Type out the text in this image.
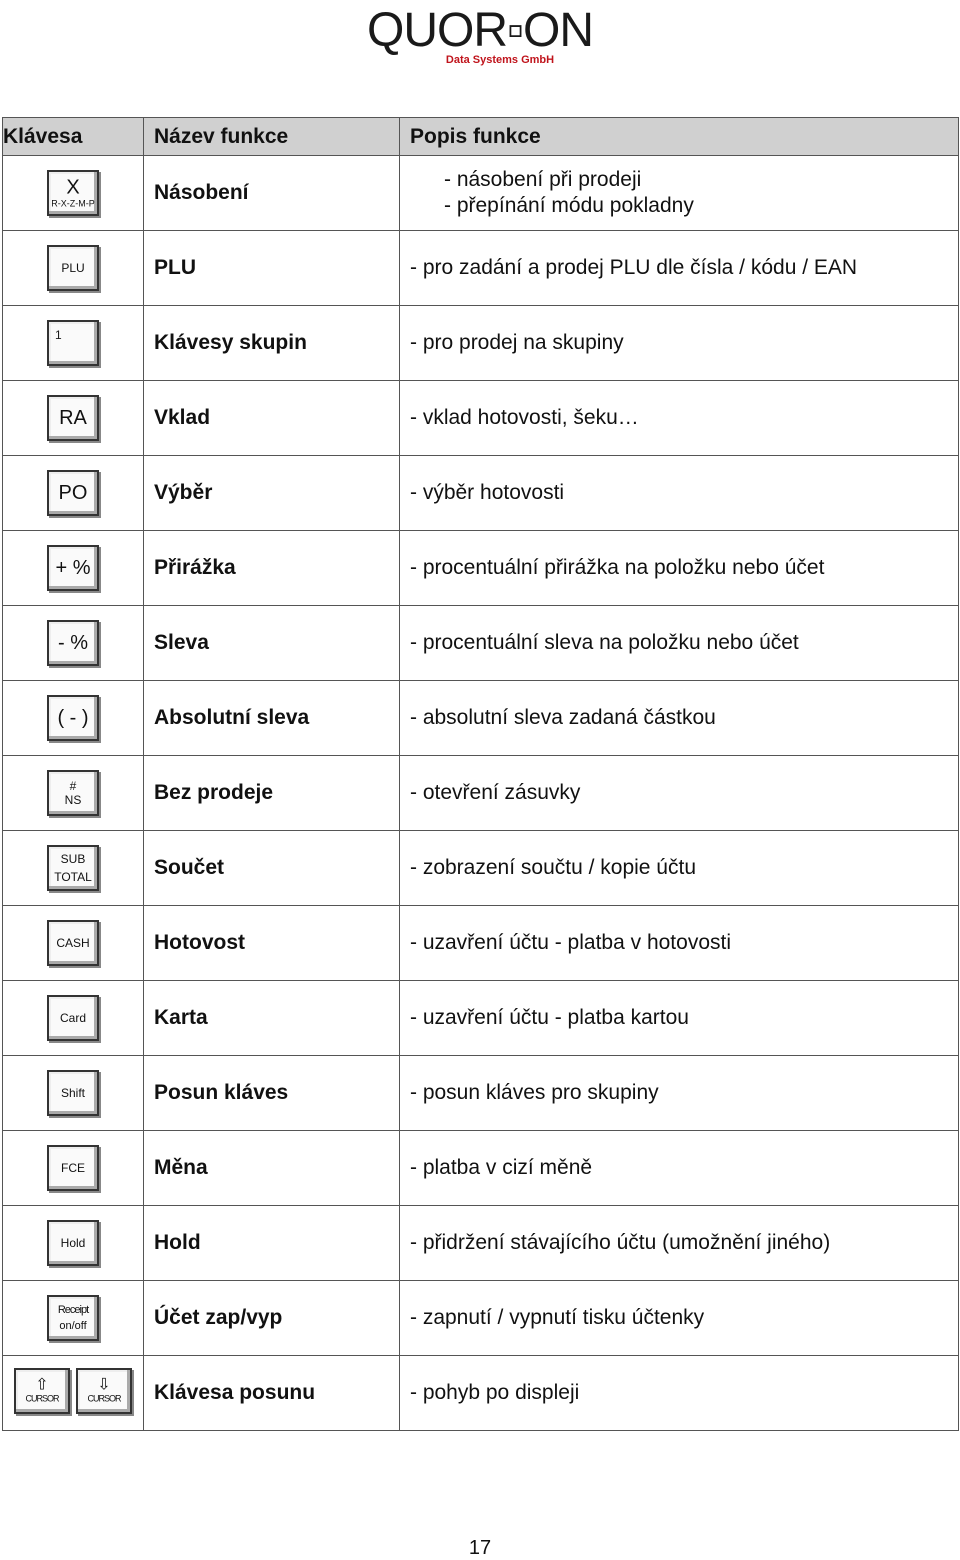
QUOR▫ON
Data Systems GmbH
Klávesa	Název funkce	Popis funkce

X
R-X-Z-M-P	Násobení	- násobení při prodeji
- přepínání módu pokladny

PLU	PLU	- pro zadání a prodej PLU dle čísla / kódu / EAN

1	Klávesy skupin	- pro prodej na skupiny

RA	Vklad	- vklad hotovosti, šeku…

PO	Výběr	- výběr hotovosti

+ %	Přirážka	- procentuální přirážka na položku nebo účet

- %	Sleva	- procentuální sleva na položku nebo účet

( - )	Absolutní sleva	- absolutní sleva zadaná částkou

#
NS	Bez prodeje	- otevření zásuvky

SUB
TOTAL	Součet	- zobrazení součtu / kopie účtu

CASH	Hotovost	- uzavření účtu - platba v hotovosti

Card	Karta	- uzavření účtu - platba kartou

Shift	Posun kláves	- posun kláves pro skupiny

FCE	Měna	- platba v cizí měně

Hold	Hold	- přidržení stávajícího účtu (umožnění jiného)

Receipt
on/off	Účet zap/vyp	- zapnutí / vypnutí tisku účtenky

⇧
CURSOR
⇩
CURSOR	Klávesa posunu	- pohyb po displeji
17
